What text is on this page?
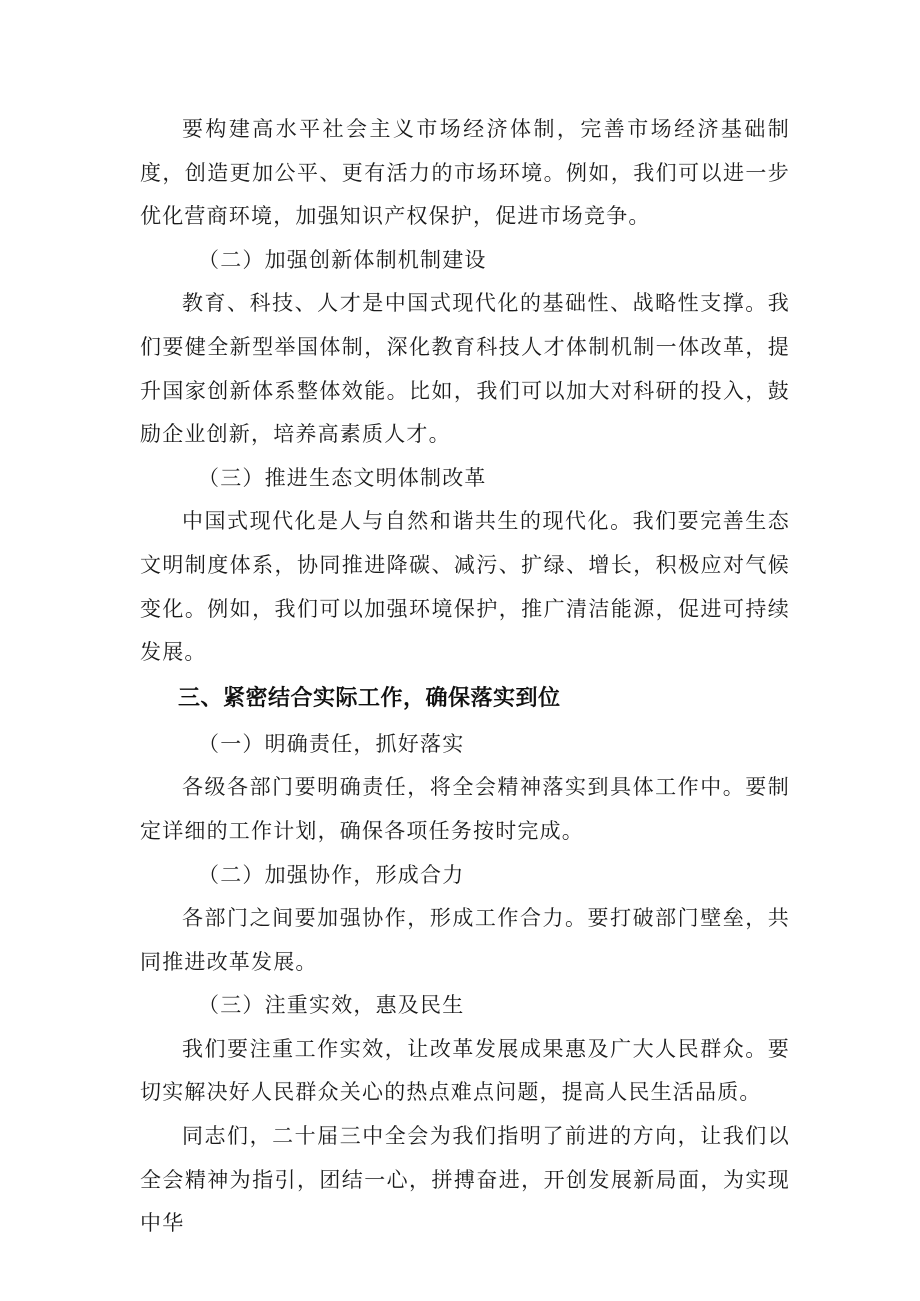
要构建高水平社会主义市场经济体制，完善市场经济基础制度，创造更加公平、更有活力的市场环境。例如，我们可以进一步优化营商环境，加强知识产权保护，促进市场竞争。

（二）加强创新体制机制建设

教育、科技、人才是中国式现代化的基础性、战略性支撑。我们要健全新型举国体制，深化教育科技人才体制机制一体改革，提升国家创新体系整体效能。比如，我们可以加大对科研的投入，鼓励企业创新，培养高素质人才。

（三）推进生态文明体制改革

中国式现代化是人与自然和谐共生的现代化。我们要完善生态文明制度体系，协同推进降碳、减污、扩绿、增长，积极应对气候变化。例如，我们可以加强环境保护，推广清洁能源，促进可持续发展。

三、紧密结合实际工作，确保落实到位

（一）明确责任，抓好落实

各级各部门要明确责任，将全会精神落实到具体工作中。要制定详细的工作计划，确保各项任务按时完成。

（二）加强协作，形成合力

各部门之间要加强协作，形成工作合力。要打破部门壁垒，共同推进改革发展。

（三）注重实效，惠及民生

我们要注重工作实效，让改革发展成果惠及广大人民群众。要切实解决好人民群众关心的热点难点问题，提高人民生活品质。

同志们，二十届三中全会为我们指明了前进的方向，让我们以全会精神为指引，团结一心，拼搏奋进，开创发展新局面，为实现中华
